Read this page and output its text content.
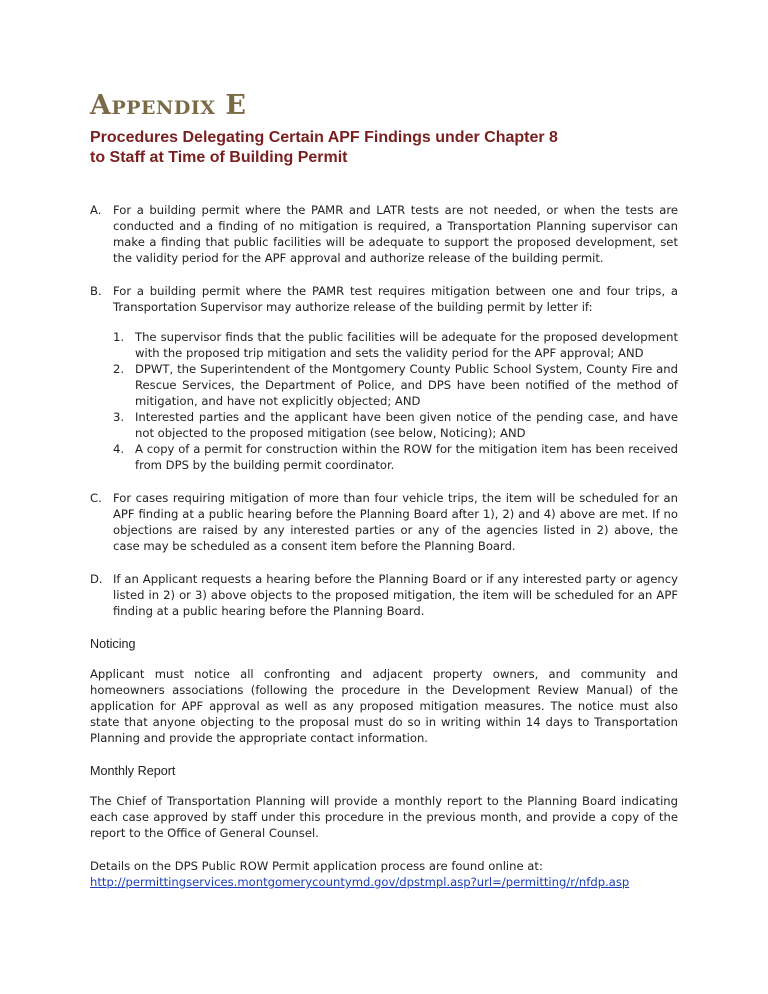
Appendix E
Procedures Delegating Certain APF Findings under Chapter 8
to Staff at Time of Building Permit
A. For a building permit where the PAMR and LATR tests are not needed, or when the tests are conducted and a finding of no mitigation is required, a Transportation Planning supervisor can make a finding that public facilities will be adequate to support the proposed development, set the validity period for the APF approval and authorize release of the building permit.
B. For a building permit where the PAMR test requires mitigation between one and four trips, a Transportation Supervisor may authorize release of the building permit by letter if:
1. The supervisor finds that the public facilities will be adequate for the proposed development with the proposed trip mitigation and sets the validity period for the APF approval; AND
2. DPWT, the Superintendent of the Montgomery County Public School System, County Fire and Rescue Services, the Department of Police, and DPS have been notified of the method of mitigation, and have not explicitly objected; AND
3. Interested parties and the applicant have been given notice of the pending case, and have not objected to the proposed mitigation (see below, Noticing); AND
4. A copy of a permit for construction within the ROW for the mitigation item has been received from DPS by the building permit coordinator.
C. For cases requiring mitigation of more than four vehicle trips, the item will be scheduled for an APF finding at a public hearing before the Planning Board after 1), 2) and 4) above are met. If no objections are raised by any interested parties or any of the agencies listed in 2) above, the case may be scheduled as a consent item before the Planning Board.
D. If an Applicant requests a hearing before the Planning Board or if any interested party or agency listed in 2) or 3) above objects to the proposed mitigation, the item will be scheduled for an APF finding at a public hearing before the Planning Board.
Noticing
Applicant must notice all confronting and adjacent property owners, and community and homeowners associations (following the procedure in the Development Review Manual) of the application for APF approval as well as any proposed mitigation measures. The notice must also state that anyone objecting to the proposal must do so in writing within 14 days to Transportation Planning and provide the appropriate contact information.
Monthly Report
The Chief of Transportation Planning will provide a monthly report to the Planning Board indicating each case approved by staff under this procedure in the previous month, and provide a copy of the report to the Office of General Counsel.
Details on the DPS Public ROW Permit application process are found online at:
http://permittingservices.montgomerycountymd.gov/dpstmpl.asp?url=/permitting/r/nfdp.asp
